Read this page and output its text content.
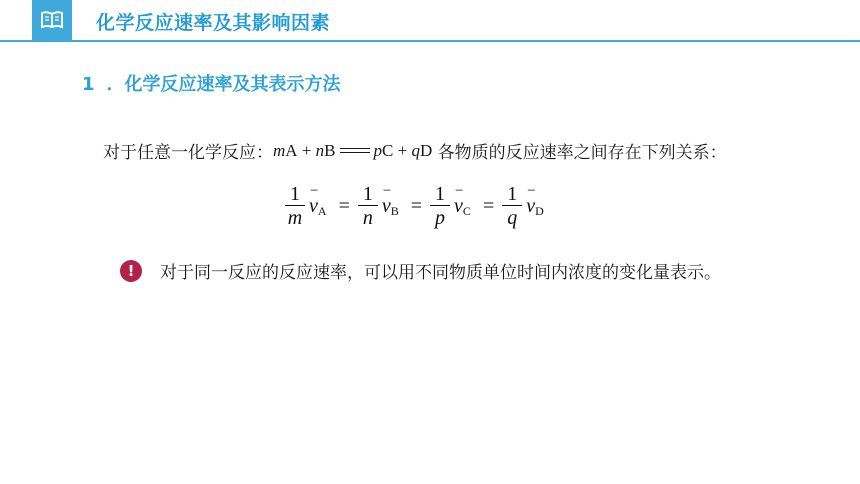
化学反应速率及其影响因素
1 ．化学反应速率及其表示方法
对于任意一化学反应： m A + n B p C + q D 各物质的反应速率之间存在下列关系：
$\frac{1}{m}$ −
v $A = \frac{1}{n}$ −
v $B = \frac{1}{p}$ −
v $C = \frac{1}{q}$ −
v D
!	对于同一反应的反应速率，可以用不同物质单位时间内浓度的变化量表示。
